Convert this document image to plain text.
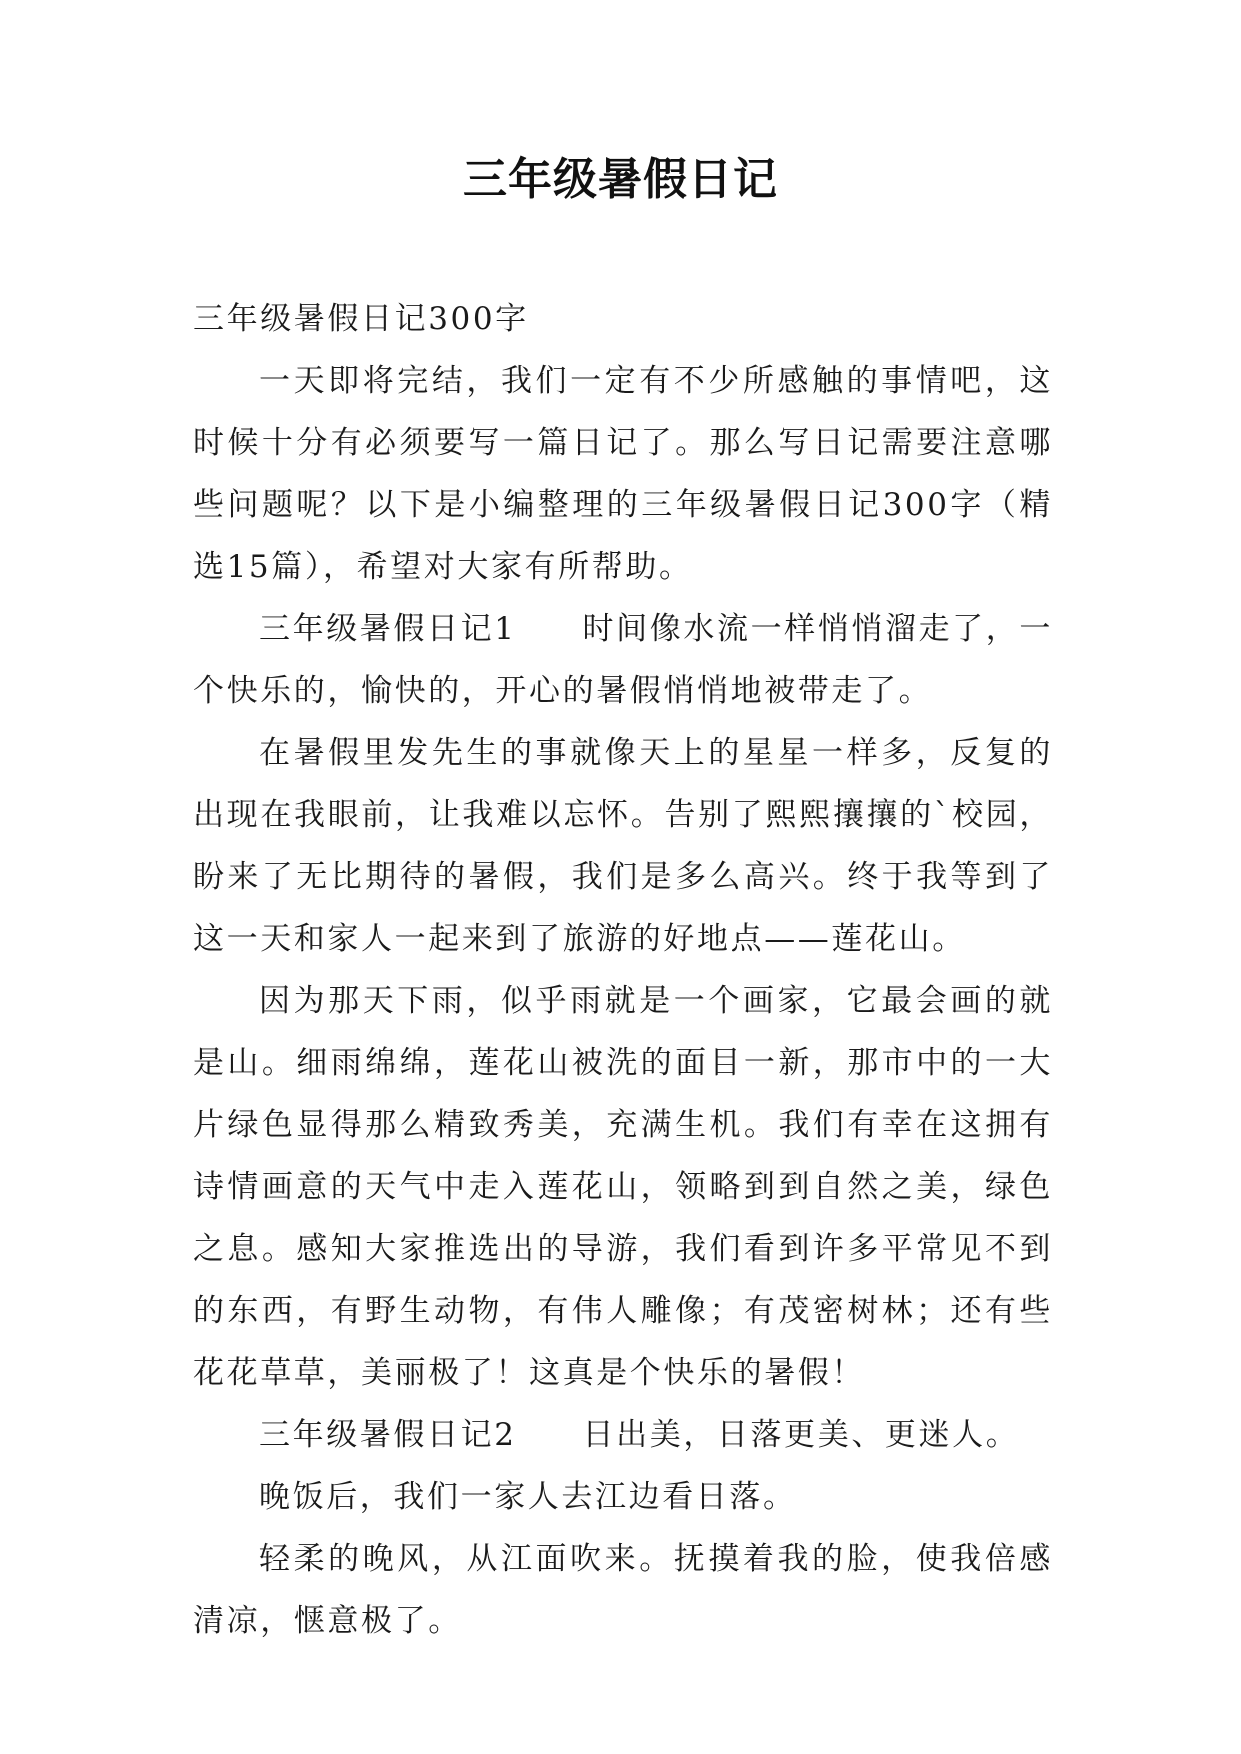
三年级暑假日记

三年级暑假日记300字

一天即将完结，我们一定有不少所感触的事情吧，这时候十分有必须要写一篇日记了。那么写日记需要注意哪些问题呢？以下是小编整理的三年级暑假日记300字（精选15篇），希望对大家有所帮助。

三年级暑假日记1 时间像水流一样悄悄溜走了，一个快乐的，愉快的，开心的暑假悄悄地被带走了。

在暑假里发先生的事就像天上的星星一样多，反复的出现在我眼前，让我难以忘怀。告别了熙熙攘攘的`校园，盼来了无比期待的暑假，我们是多么高兴。终于我等到了这一天和家人一起来到了旅游的好地点——莲花山。

因为那天下雨，似乎雨就是一个画家，它最会画的就是山。细雨绵绵，莲花山被洗的面目一新，那市中的一大片绿色显得那么精致秀美，充满生机。我们有幸在这拥有诗情画意的天气中走入莲花山，领略到到自然之美，绿色之息。感知大家推选出的导游，我们看到许多平常见不到的东西，有野生动物，有伟人雕像；有茂密树林；还有些花花草草，美丽极了！这真是个快乐的暑假！

三年级暑假日记2 日出美，日落更美、更迷人。

晚饭后，我们一家人去江边看日落。

轻柔的晚风，从江面吹来。抚摸着我的脸，使我倍感清凉，惬意极了。
